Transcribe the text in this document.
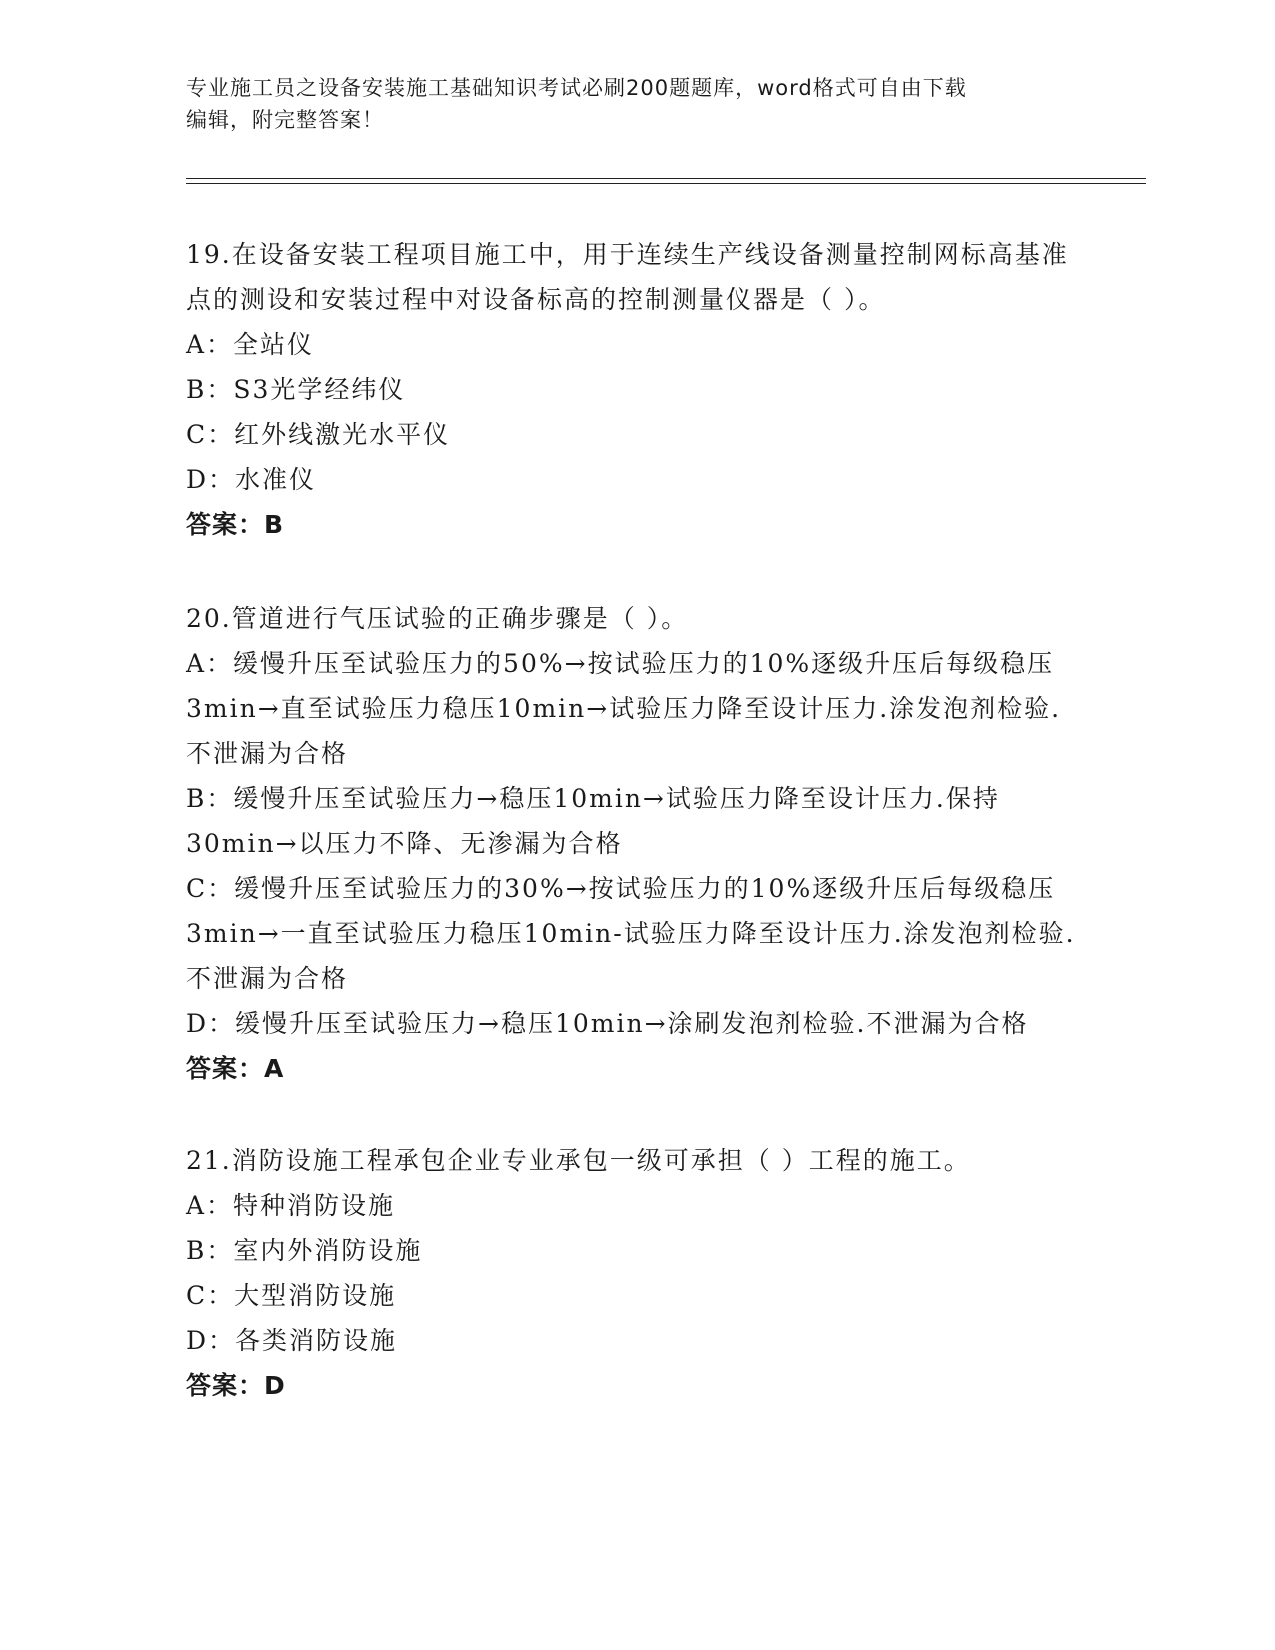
专业施工员之设备安装施工基础知识考试必刷200题题库，word格式可自由下载
编辑，附完整答案！

19.在设备安装工程项目施工中，用于连续生产线设备测量控制网标高基准点的测设和安装过程中对设备标高的控制测量仪器是（ ）。

A：全站仪

B：S3光学经纬仪

C：红外线激光水平仪

D：水准仪

答案：B

20.管道进行气压试验的正确步骤是（ ）。

A：缓慢升压至试验压力的50%→按试验压力的10%逐级升压后每级稳压3min→直至试验压力稳压10min→试验压力降至设计压力.涂发泡剂检验.不泄漏为合格

B：缓慢升压至试验压力→稳压10min→试验压力降至设计压力.保持30min→以压力不降、无渗漏为合格

C：缓慢升压至试验压力的30%→按试验压力的10%逐级升压后每级稳压3min→一直至试验压力稳压10min-试验压力降至设计压力.涂发泡剂检验.不泄漏为合格

D：缓慢升压至试验压力→稳压10min→涂刷发泡剂检验.不泄漏为合格

答案：A

21.消防设施工程承包企业专业承包一级可承担（ ）工程的施工。

A：特种消防设施

B：室内外消防设施

C：大型消防设施

D：各类消防设施

答案：D
